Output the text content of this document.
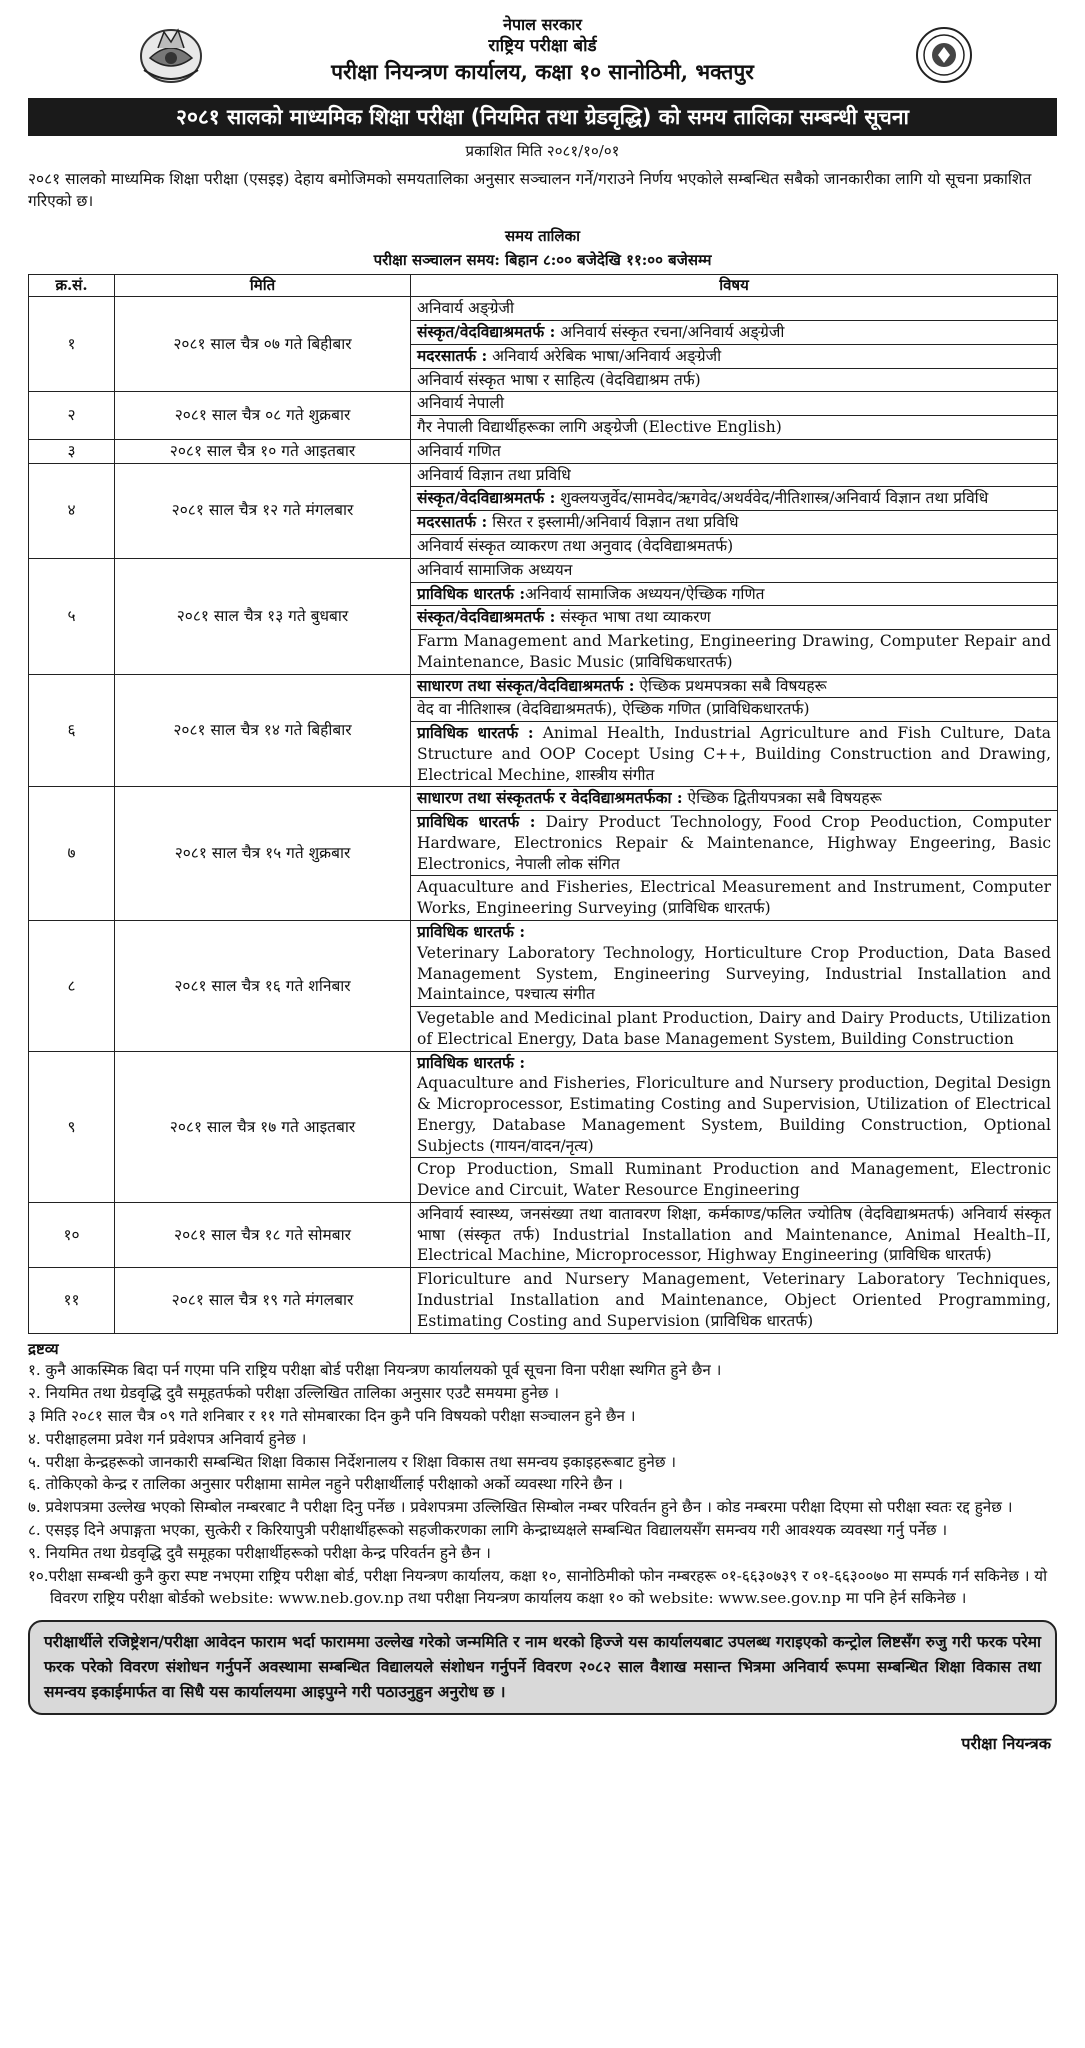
नेपाल सरकार
राष्ट्रिय परीक्षा बोर्ड
परीक्षा नियन्त्रण कार्यालय, कक्षा १० सानोठिमी, भक्तपुर
२०८१ सालको माध्यमिक शिक्षा परीक्षा (नियमित तथा ग्रेडवृद्धि) को समय तालिका सम्बन्धी सूचना
प्रकाशित मिति २०८१/१०/०१
२०८१ सालको माध्यमिक शिक्षा परीक्षा (एसइइ) देहाय बमोजिमको समयतालिका अनुसार सञ्चालन गर्ने/गराउने निर्णय भएकोले सम्बन्धित सबैको जानकारीका लागि यो सूचना प्रकाशित गरिएको छ।
समय तालिका
परीक्षा सञ्चालन समय: बिहान ८:०० बजेदेखि ११:०० बजेसम्म
क्र.सं.	मिति	विषय
१	२०८१ साल चैत्र ०७ गते बिहीबार	अनिवार्य अङ्ग्रेजी
संस्कृत/वेदविद्याश्रमतर्फ : अनिवार्य संस्कृत रचना/अनिवार्य अङ्ग्रेजी
मदरसातर्फ : अनिवार्य अरेबिक भाषा/अनिवार्य अङ्ग्रेजी
अनिवार्य संस्कृत भाषा र साहित्य (वेदविद्याश्रम तर्फ)

२	२०८१ साल चैत्र ०८ गते शुक्रबार	अनिवार्य नेपाली
गैर नेपाली विद्यार्थीहरूका लागि अङ्ग्रेजी (Elective English)

३	२०८१ साल चैत्र १० गते आइतबार	अनिवार्य गणित

४	२०८१ साल चैत्र १२ गते मंगलबार	अनिवार्य विज्ञान तथा प्रविधि
संस्कृत/वेदविद्याश्रमतर्फ : शुक्लयजुर्वेद/सामवेद/ऋगवेद/अथर्ववेद/नीतिशास्त्र/अनिवार्य विज्ञान तथा प्रविधि
मदरसातर्फ : सिरत र इस्लामी/अनिवार्य विज्ञान तथा प्रविधि
अनिवार्य संस्कृत व्याकरण तथा अनुवाद (वेदविद्याश्रमतर्फ)

५	२०८१ साल चैत्र १३ गते बुधबार	अनिवार्य सामाजिक अध्ययन
प्राविधिक धारतर्फ :अनिवार्य सामाजिक अध्ययन/ऐच्छिक गणित
संस्कृत/वेदविद्याश्रमतर्फ : संस्कृत भाषा तथा व्याकरण
Farm Management and Marketing, Engineering Drawing, Computer Repair and Maintenance, Basic Music (प्राविधिकधारतर्फ)

६	२०८१ साल चैत्र १४ गते बिहीबार	साधारण तथा संस्कृत/वेदविद्याश्रमतर्फ : ऐच्छिक प्रथमपत्रका सबै विषयहरू
वेद वा नीतिशास्त्र (वेदविद्याश्रमतर्फ), ऐच्छिक गणित (प्राविधिकधारतर्फ)
प्राविधिक धारतर्फ : Animal Health, Industrial Agriculture and Fish Culture, Data Structure and OOP Cocept Using C++, Building Construction and Drawing, Electrical Mechine, शास्त्रीय संगीत

७	२०८१ साल चैत्र १५ गते शुक्रबार	साधारण तथा संस्कृततर्फ र वेदविद्याश्रमतर्फका : ऐच्छिक द्वितीयपत्रका सबै विषयहरू
प्राविधिक धारतर्फ : Dairy Product Technology, Food Crop Peoduction, Computer Hardware, Electronics Repair & Maintenance, Highway Engeering, Basic Electronics, नेपाली लोक संगित
Aquaculture and Fisheries, Electrical Measurement and Instrument, Computer Works, Engineering Surveying (प्राविधिक धारतर्फ)

८	२०८१ साल चैत्र १६ गते शनिबार	प्राविधिक धारतर्फ :
Veterinary Laboratory Technology, Horticulture Crop Production, Data Based Management System, Engineering Surveying, Industrial Installation and Maintaince, पश्चात्य संगीत
Vegetable and Medicinal plant Production, Dairy and Dairy Products, Utilization of Electrical Energy, Data base Management System, Building Construction

९	२०८१ साल चैत्र १७ गते आइतबार	प्राविधिक धारतर्फ :
Aquaculture and Fisheries, Floriculture and Nursery production, Degital Design & Microprocessor, Estimating Costing and Supervision, Utilization of Electrical Energy, Database Management System, Building Construction, Optional Subjects (गायन/वादन/नृत्य)
Crop Production, Small Ruminant Production and Management, Electronic Device and Circuit, Water Resource Engineering

१०	२०८१ साल चैत्र १८ गते सोमबार	अनिवार्य स्वास्थ्य, जनसंख्या तथा वातावरण शिक्षा, कर्मकाण्ड/फलित ज्योतिष (वेदविद्याश्रमतर्फ) अनिवार्य संस्कृत भाषा (संस्कृत तर्फ) Industrial Installation and Maintenance, Animal Health–II, Electrical Machine, Microprocessor, Highway Engineering (प्राविधिक धारतर्फ)

११	२०८१ साल चैत्र १९ गते मंगलबार	Floriculture and Nursery Management, Veterinary Laboratory Techniques, Industrial Installation and Maintenance, Object Oriented Programming, Estimating Costing and Supervision (प्राविधिक धारतर्फ)
द्रष्टव्य
१. कुनै आकस्मिक बिदा पर्न गएमा पनि राष्ट्रिय परीक्षा बोर्ड परीक्षा नियन्त्रण कार्यालयको पूर्व सूचना विना परीक्षा स्थगित हुने छैन ।
२. नियमित तथा ग्रेडवृद्धि दुवै समूहतर्फको परीक्षा उल्लिखित तालिका अनुसार एउटै समयमा हुनेछ ।
३ मिति २०८१ साल चैत्र ०९ गते शनिबार र ११ गते सोमबारका दिन कुनै पनि विषयको परीक्षा सञ्चालन हुने छैन ।
४. परीक्षाहलमा प्रवेश गर्न प्रवेशपत्र अनिवार्य हुनेछ ।
५. परीक्षा केन्द्रहरूको जानकारी सम्बन्धित शिक्षा विकास निर्देशनालय र शिक्षा विकास तथा समन्वय इकाइहरूबाट हुनेछ ।
६. तोकिएको केन्द्र र तालिका अनुसार परीक्षामा सामेल नहुने परीक्षार्थीलाई परीक्षाको अर्को व्यवस्था गरिने छैन ।
७. प्रवेशपत्रमा उल्लेख भएको सिम्बोल नम्बरबाट नै परीक्षा दिनु पर्नेछ । प्रवेशपत्रमा उल्लिखित सिम्बोल नम्बर परिवर्तन हुने छैन । कोड नम्बरमा परीक्षा दिएमा सो परीक्षा स्वतः रद्द हुनेछ ।
८. एसइइ दिने अपाङ्गता भएका, सुत्केरी र किरियापुत्री परीक्षार्थीहरूको सहजीकरणका लागि केन्द्राध्यक्षले सम्बन्धित विद्यालयसँग समन्वय गरी आवश्यक व्यवस्था गर्नु पर्नेछ ।
९. नियमित तथा ग्रेडवृद्धि दुवै समूहका परीक्षार्थीहरूको परीक्षा केन्द्र परिवर्तन हुने छैन ।
१०.परीक्षा सम्बन्धी कुनै कुरा स्पष्ट नभएमा राष्ट्रिय परीक्षा बोर्ड, परीक्षा नियन्त्रण कार्यालय, कक्षा १०, सानोठिमीको फोन नम्बरहरू ०१-६६३०७३९ र ०१-६६३००७० मा सम्पर्क गर्न सकिनेछ । यो विवरण राष्ट्रिय परीक्षा बोर्डको website: www.neb.gov.np तथा परीक्षा नियन्त्रण कार्यालय कक्षा १० को website: www.see.gov.np मा पनि हेर्न सकिनेछ ।
परीक्षार्थीले रजिष्ट्रेशन/परीक्षा आवेदन फाराम भर्दा फाराममा उल्लेख गरेको जन्ममिति र नाम थरको हिज्जे यस कार्यालयबाट उपलब्ध गराइएको कन्ट्रोल लिष्टसँग रुजु गरी फरक परेमा फरक परेको विवरण संशोधन गर्नुपर्ने अवस्थामा सम्बन्धित विद्यालयले संशोधन गर्नुपर्ने विवरण २०८२ साल वैशाख मसान्त भित्रमा अनिवार्य रूपमा सम्बन्धित शिक्षा विकास तथा समन्वय इकाईमार्फत वा सिधै यस कार्यालयमा आइपुग्ने गरी पठाउनुहुन अनुरोध छ ।
परीक्षा नियन्त्रक
